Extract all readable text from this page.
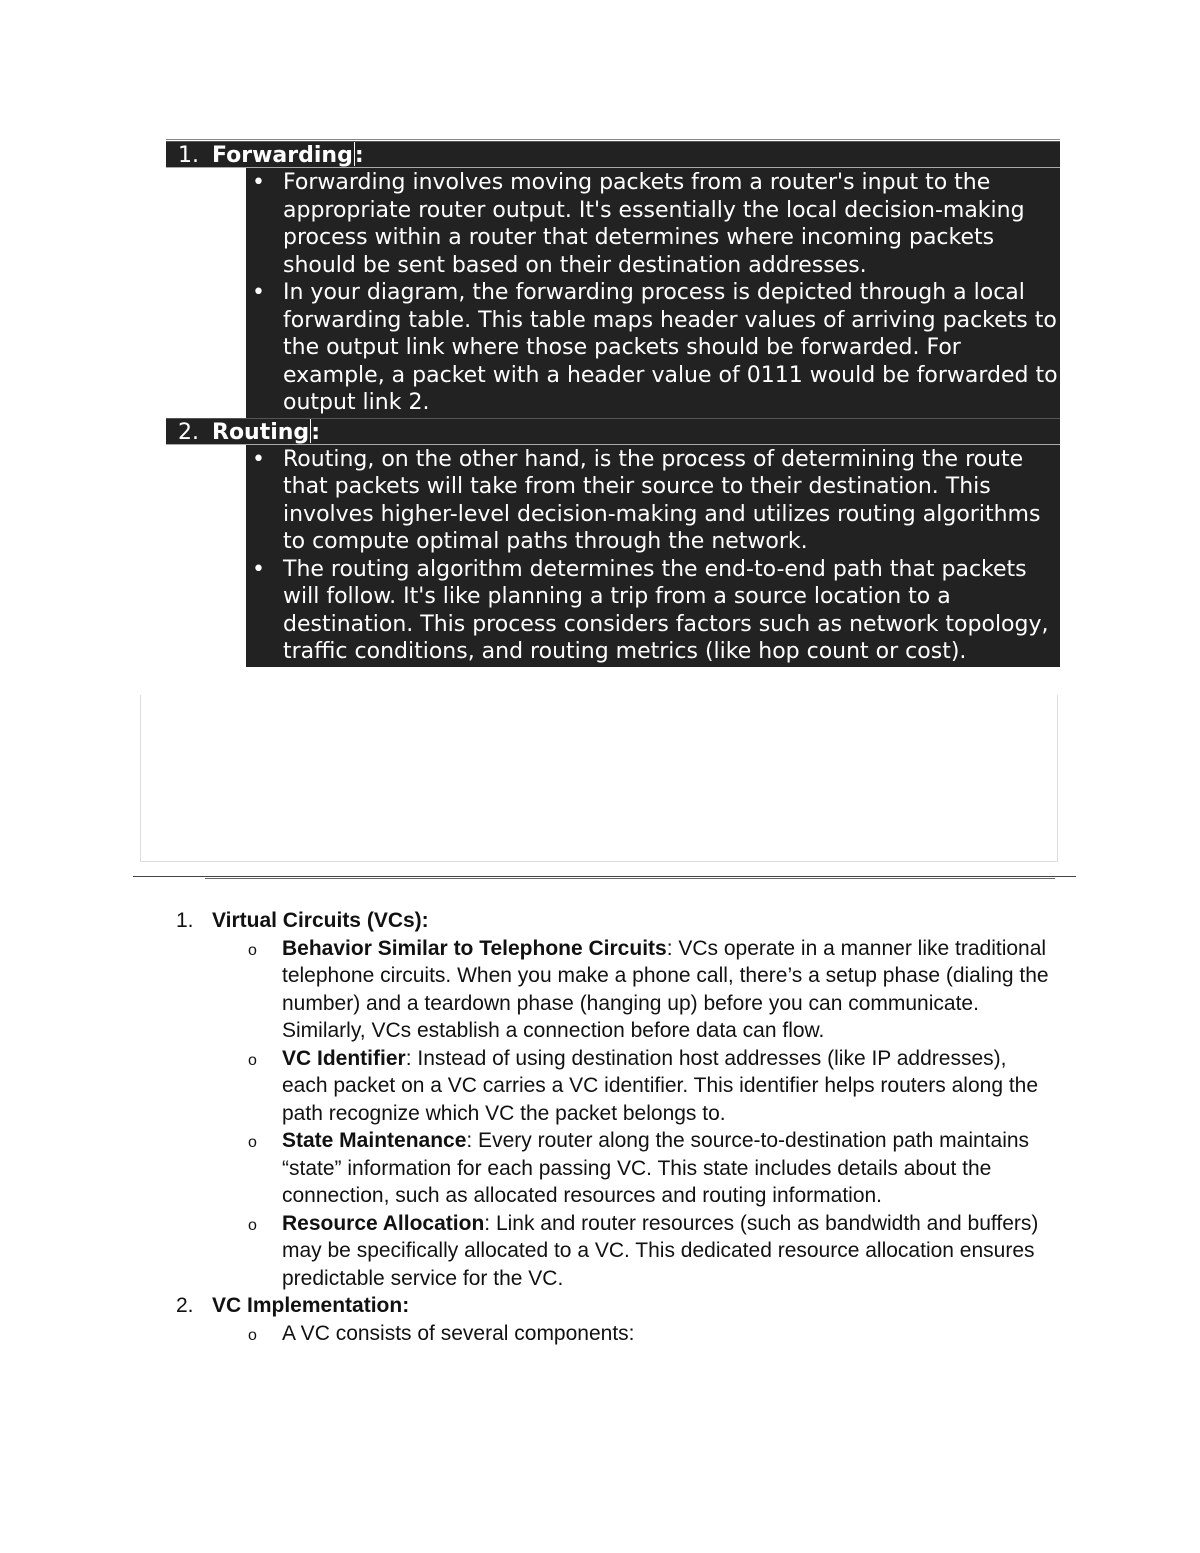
1. Forwarding:
• Forwarding involves moving packets from a router's input to the appropriate router output. It's essentially the local decision-making process within a router that determines where incoming packets should be sent based on their destination addresses.
• In your diagram, the forwarding process is depicted through a local forwarding table. This table maps header values of arriving packets to the output link where those packets should be forwarded. For example, a packet with a header value of 0111 would be forwarded to output link 2.
2. Routing:
• Routing, on the other hand, is the process of determining the route that packets will take from their source to their destination. This involves higher-level decision-making and utilizes routing algorithms to compute optimal paths through the network.
• The routing algorithm determines the end-to-end path that packets will follow. It's like planning a trip from a source location to a destination. This process considers factors such as network topology, traffic conditions, and routing metrics (like hop count or cost).
1. Virtual Circuits (VCs):
o Behavior Similar to Telephone Circuits: VCs operate in a manner like traditional telephone circuits. When you make a phone call, there’s a setup phase (dialing the number) and a teardown phase (hanging up) before you can communicate. Similarly, VCs establish a connection before data can flow.
o VC Identifier: Instead of using destination host addresses (like IP addresses), each packet on a VC carries a VC identifier. This identifier helps routers along the path recognize which VC the packet belongs to.
o State Maintenance: Every router along the source-to-destination path maintains “state” information for each passing VC. This state includes details about the connection, such as allocated resources and routing information.
o Resource Allocation: Link and router resources (such as bandwidth and buffers) may be specifically allocated to a VC. This dedicated resource allocation ensures predictable service for the VC.
2. VC Implementation:
o A VC consists of several components:
